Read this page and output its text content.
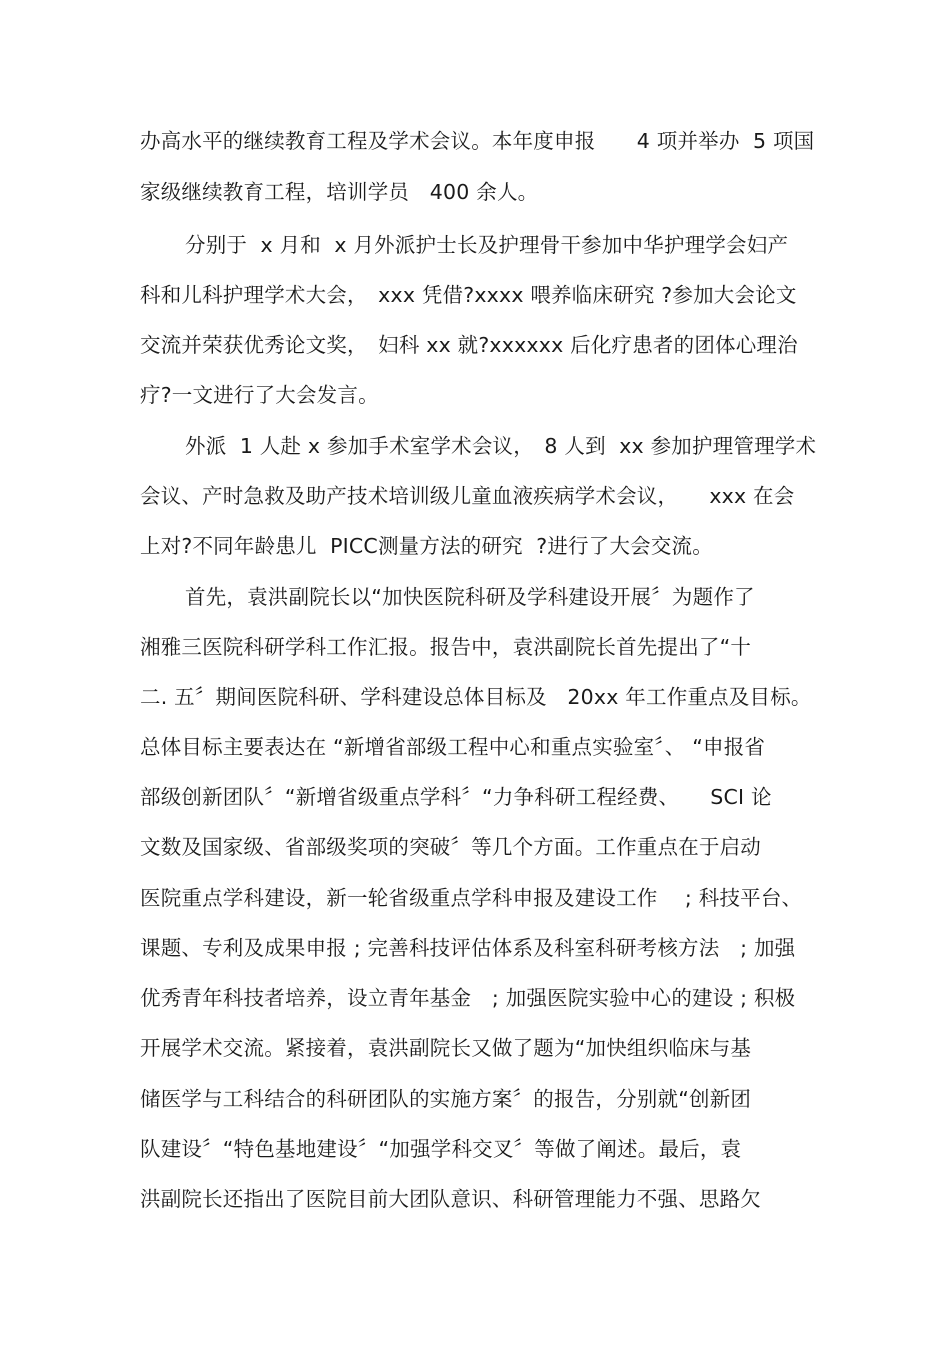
办高水平的继续教育工程及学术会议。本年度申报　　4 项并举办  5 项国
家级继续教育工程，培训学员　400 余人。
分别于  x 月和  x 月外派护士长及护理骨干参加中华护理学会妇产
科和儿科护理学术大会，　xxx 凭借?xxxx 喂养临床研究 ?参加大会论文
交流并荣获优秀论文奖，　妇科 xx 就?xxxxxx 后化疗患者的团体心理治
疗?一文进行了大会发言。
外派  1 人赴 x 参加手术室学术会议，　8 人到  xx 参加护理管理学术
会议、产时急救及助产技术培训级儿童血液疾病学术会议，　　xxx 在会
上对?不同年龄患儿  PICC测量方法的研究  ?进行了大会交流。
首先，袁洪副院长以“加快医院科研及学科建设开展〞为题作了
湘雅三医院科研学科工作汇报。报告中，袁洪副院长首先提出了“十
二. 五〞期间医院科研、学科建设总体目标及　20xx 年工作重点及目标。
总体目标主要表达在 “新增省部级工程中心和重点实验室〞、 “申报省
部级创新团队〞“新增省级重点学科〞“力争科研工程经费、　　SCI 论
文数及国家级、省部级奖项的突破〞等几个方面。工作重点在于启动
医院重点学科建设，新一轮省级重点学科申报及建设工作　 ; 科技平台、
课题、专利及成果申报 ; 完善科技评估体系及科室科研考核方法　; 加强
优秀青年科技者培养，设立青年基金　; 加强医院实验中心的建设 ; 积极
开展学术交流。紧接着，袁洪副院长又做了题为“加快组织临床与基
储医学与工科结合的科研团队的实施方案〞的报告，分别就“创新团
队建设〞“特色基地建设〞“加强学科交叉〞等做了阐述。最后，袁
洪副院长还指出了医院目前大团队意识、科研管理能力不强、思路欠
